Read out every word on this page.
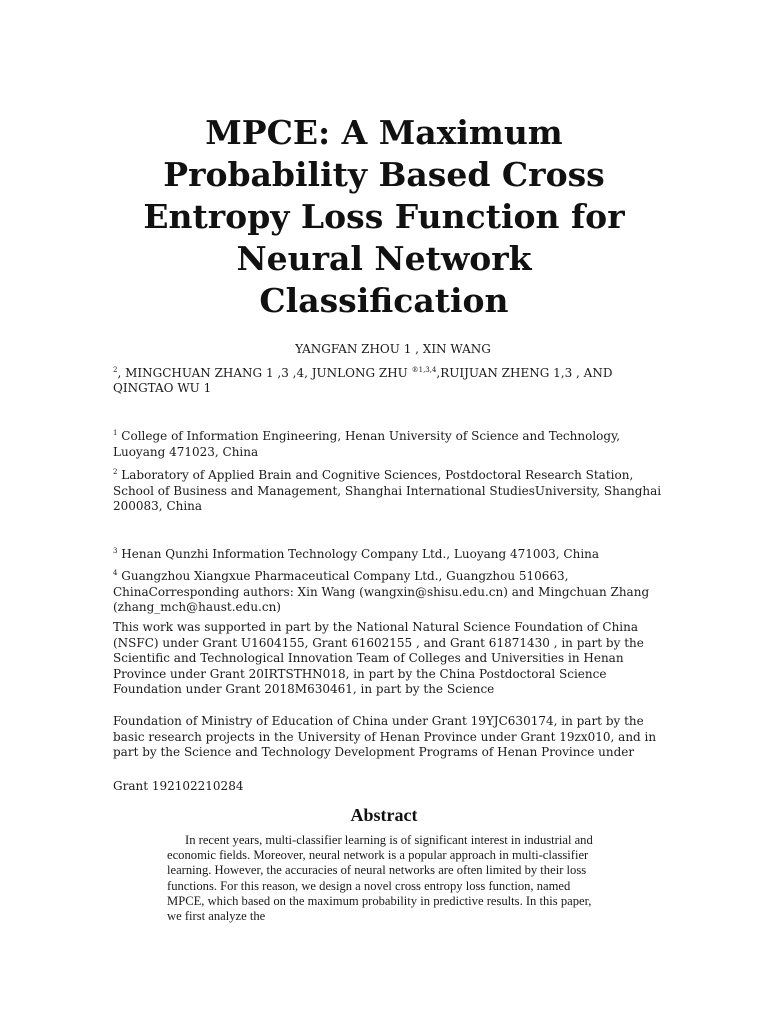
MPCE: A Maximum
Probability Based Cross
Entropy Loss Function for
Neural Network
Classification
YANGFAN ZHOU 1 , XIN WANG
$^2$, MINGCHUAN ZHANG 1 ,3 ,4, JUNLONG ZHU $^{®1,3,4}$,RUIJUAN ZHENG 1,3 , AND QINGTAO WU 1
$^1$ College of Information Engineering, Henan University of Science and Technology, Luoyang 471023, China
$^2$ Laboratory of Applied Brain and Cognitive Sciences, Postdoctoral Research Station, School of Business and Management, Shanghai International StudiesUniversity, Shanghai 200083, China
$^3$ Henan Qunzhi Information Technology Company Ltd., Luoyang 471003, China
$^4$ Guangzhou Xiangxue Pharmaceutical Company Ltd., Guangzhou 510663, ChinaCorresponding authors: Xin Wang (wangxin@shisu.edu.cn) and Mingchuan Zhang (zhang_mch@haust.edu.cn)
This work was supported in part by the National Natural Science Foundation of China (NSFC) under Grant U1604155, Grant 61602155 , and Grant 61871430 , in part by the Scientific and Technological Innovation Team of Colleges and Universities in Henan Province under Grant 20IRTSTHN018, in part by the China Postdoctoral Science Foundation under Grant 2018M630461, in part by the Science
Foundation of Ministry of Education of China under Grant 19YJC630174, in part by the basic research projects in the University of Henan Province under Grant 19zx010, and in part by the Science and Technology Development Programs of Henan Province under
Grant 192102210284
Abstract

In recent years, multi-classifier learning is of significant interest in industrial and economic fields. Moreover, neural network is a popular approach in multi-classifier learning. However, the accuracies of neural networks are often limited by their loss functions. For this reason, we design a novel cross entropy loss function, named MPCE, which based on the maximum probability in predictive results. In this paper, we first analyze the
